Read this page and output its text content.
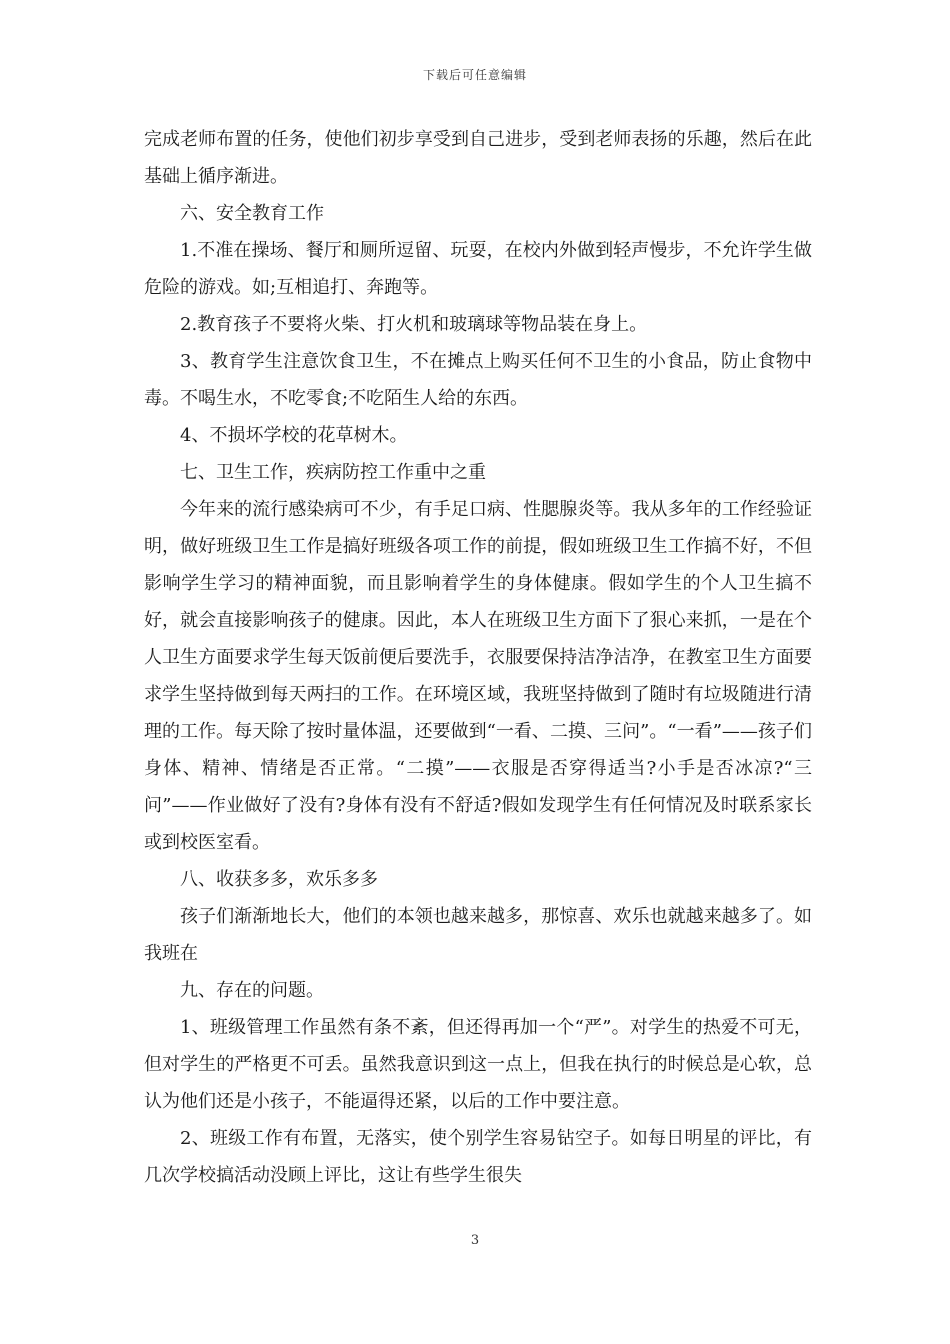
下载后可任意编辑

完成老师布置的任务，使他们初步享受到自己进步，受到老师表扬的乐趣，然后在此基础上循序渐进。

六、安全教育工作

1.不准在操场、餐厅和厕所逗留、玩耍，在校内外做到轻声慢步，不允许学生做危险的游戏。如;互相追打、奔跑等。

2.教育孩子不要将火柴、打火机和玻璃球等物品装在身上。

3、教育学生注意饮食卫生，不在摊点上购买任何不卫生的小食品，防止食物中毒。不喝生水，不吃零食;不吃陌生人给的东西。

4、不损坏学校的花草树木。

七、卫生工作，疾病防控工作重中之重

今年来的流行感染病可不少，有手足口病、性腮腺炎等。我从多年的工作经验证明，做好班级卫生工作是搞好班级各项工作的前提，假如班级卫生工作搞不好，不但影响学生学习的精神面貌，而且影响着学生的身体健康。假如学生的个人卫生搞不好，就会直接影响孩子的健康。因此，本人在班级卫生方面下了狠心来抓，一是在个人卫生方面要求学生每天饭前便后要洗手，衣服要保持洁净洁净，在教室卫生方面要求学生坚持做到每天两扫的工作。在环境区域，我班坚持做到了随时有垃圾随进行清理的工作。每天除了按时量体温，还要做到“一看、二摸、三问”。“一看”——孩子们身体、精神、情绪是否正常。“二摸”——衣服是否穿得适当?小手是否冰凉?“三问”——作业做好了没有?身体有没有不舒适?假如发现学生有任何情况及时联系家长或到校医室看。

八、收获多多，欢乐多多

孩子们渐渐地长大，他们的本领也越来越多，那惊喜、欢乐也就越来越多了。如我班在

九、存在的问题。

1、班级管理工作虽然有条不紊，但还得再加一个“严”。对学生的热爱不可无，但对学生的严格更不可丢。虽然我意识到这一点上，但我在执行的时候总是心软，总认为他们还是小孩子，不能逼得还紧，以后的工作中要注意。

2、班级工作有布置，无落实，使个别学生容易钻空子。如每日明星的评比，有几次学校搞活动没顾上评比，这让有些学生很失

3
